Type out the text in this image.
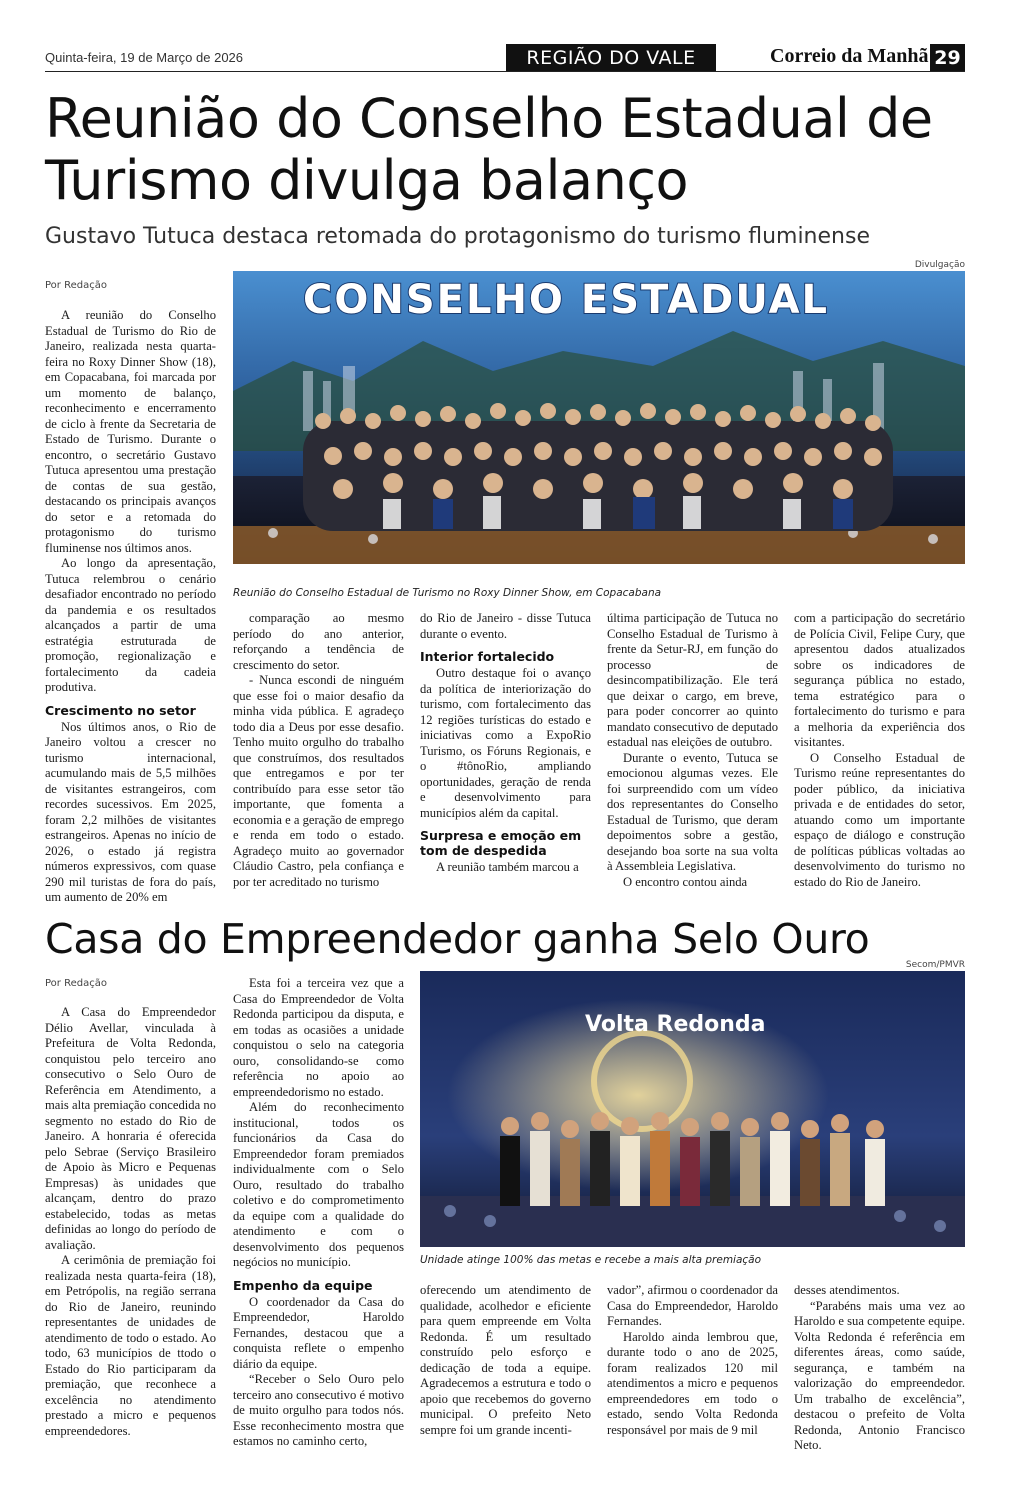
Quinta-feira, 19 de Março de 2026	REGIÃO DO VALE	Correio da Manhã 29
Reunião do Conselho Estadual de Turismo divulga balanço
Gustavo Tutuca destaca retomada do protagonismo do turismo fluminense
Por Redação
Divulgação
CONSELHO ESTADUAL
Reunião do Conselho Estadual de Turismo no Roxy Dinner Show, em Copacabana

A reunião do Conselho Estadual de Turismo do Rio de Janeiro, realizada nesta quarta-feira no Roxy Dinner Show (18), em Copacabana, foi marcada por um momento de balanço, reconhecimento e encerramento de ciclo à frente da Secretaria de Estado de Turismo. Durante o encontro, o secretário Gustavo Tutuca apresentou uma prestação de contas de sua gestão, destacando os principais avanços do setor e a retomada do protagonismo do turismo fluminense nos últimos anos.

Ao longo da apresentação, Tutuca relembrou o cenário desafiador encontrado no período da pandemia e os resultados alcançados a partir de uma estratégia estruturada de promoção, regionalização e fortalecimento da cadeia produtiva.

Crescimento no setor

Nos últimos anos, o Rio de Janeiro voltou a crescer no turismo internacional, acumulando mais de 5,5 milhões de visitantes estrangeiros, com recordes sucessivos. Em 2025, foram 2,2 milhões de visitantes estrangeiros. Apenas no início de 2026, o estado já registra números expressivos, com quase 290 mil turistas de fora do país, um aumento de 20% em

comparação ao mesmo período do ano anterior, reforçando a tendência de crescimento do setor.

- Nunca escondi de ninguém que esse foi o maior desafio da minha vida pública. E agradeço todo dia a Deus por esse desafio. Tenho muito orgulho do trabalho que construímos, dos resultados que entregamos e por ter contribuído para esse setor tão importante, que fomenta a economia e a geração de emprego e renda em todo o estado. Agradeço muito ao governador Cláudio Castro, pela confiança e por ter acreditado no turismo

do Rio de Janeiro - disse Tutuca durante o evento.

Interior fortalecido

Outro destaque foi o avanço da política de interiorização do turismo, com fortalecimento das 12 regiões turísticas do estado e iniciativas como a ExpoRio Turismo, os Fóruns Regionais, e o #tônoRio, ampliando oportunidades, geração de renda e desenvolvimento para municípios além da capital.

Surpresa e emoção em tom de despedida

A reunião também marcou a

última participação de Tutuca no Conselho Estadual de Turismo à frente da Setur-RJ, em função do processo de desincompatibilização. Ele terá que deixar o cargo, em breve, para poder concorrer ao quinto mandato consecutivo de deputado estadual nas eleições de outubro.

Durante o evento, Tutuca se emocionou algumas vezes. Ele foi surpreendido com um vídeo dos representantes do Conselho Estadual de Turismo, que deram depoimentos sobre a gestão, desejando boa sorte na sua volta à Assembleia Legislativa.

O encontro contou ainda

com a participação do secretário de Polícia Civil, Felipe Cury, que apresentou dados atualizados sobre os indicadores de segurança pública no estado, tema estratégico para o fortalecimento do turismo e para a melhoria da experiência dos visitantes.

O Conselho Estadual de Turismo reúne representantes do poder público, da iniciativa privada e de entidades do setor, atuando como um importante espaço de diálogo e construção de políticas públicas voltadas ao desenvolvimento do turismo no estado do Rio de Janeiro.

Casa do Empreendedor ganha Selo Ouro
Por Redação
Secom/PMVR
Volta Redonda
Unidade atinge 100% das metas e recebe a mais alta premiação

A Casa do Empreendedor Délio Avellar, vinculada à Prefeitura de Volta Redonda, conquistou pelo terceiro ano consecutivo o Selo Ouro de Referência em Atendimento, a mais alta premiação concedida no segmento no estado do Rio de Janeiro. A honraria é oferecida pelo Sebrae (Serviço Brasileiro de Apoio às Micro e Pequenas Empresas) às unidades que alcançam, dentro do prazo estabelecido, todas as metas definidas ao longo do período de avaliação.

A cerimônia de premiação foi realizada nesta quarta-feira (18), em Petrópolis, na região serrana do Rio de Janeiro, reunindo representantes de unidades de atendimento de todo o estado. Ao todo, 63 municípios de ttodo o Estado do Rio participaram da premiação, que reconhece a excelência no atendimento prestado a micro e pequenos empreendedores.

Esta foi a terceira vez que a Casa do Empreendedor de Volta Redonda participou da disputa, e em todas as ocasiões a unidade conquistou o selo na categoria ouro, consolidando-se como referência no apoio ao empreendedorismo no estado.

Além do reconhecimento institucional, todos os funcionários da Casa do Empreendedor foram premiados individualmente com o Selo Ouro, resultado do trabalho coletivo e do comprometimento da equipe com a qualidade do atendimento e com o desenvolvimento dos pequenos negócios no município.

Empenho da equipe

O coordenador da Casa do Empreendedor, Haroldo Fernandes, destacou que a conquista reflete o empenho diário da equipe.

“Receber o Selo Ouro pelo terceiro ano consecutivo é motivo de muito orgulho para todos nós. Esse reconhecimento mostra que estamos no caminho certo,

oferecendo um atendimento de qualidade, acolhedor e eficiente para quem empreende em Volta Redonda. É um resultado construído pelo esforço e dedicação de toda a equipe. Agradecemos a estrutura e todo o apoio que recebemos do governo municipal. O prefeito Neto sempre foi um grande incenti-

vador”, afirmou o coordenador da Casa do Empreendedor, Haroldo Fernandes.

Haroldo ainda lembrou que, durante todo o ano de 2025, foram realizados 120 mil atendimentos a micro e pequenos empreendedores em todo o estado, sendo Volta Redonda responsável por mais de 9 mil

desses atendimentos.

“Parabéns mais uma vez ao Haroldo e sua competente equipe. Volta Redonda é referência em diferentes áreas, como saúde, segurança, e também na valorização do empreendedor. Um trabalho de excelência”, destacou o prefeito de Volta Redonda, Antonio Francisco Neto.
